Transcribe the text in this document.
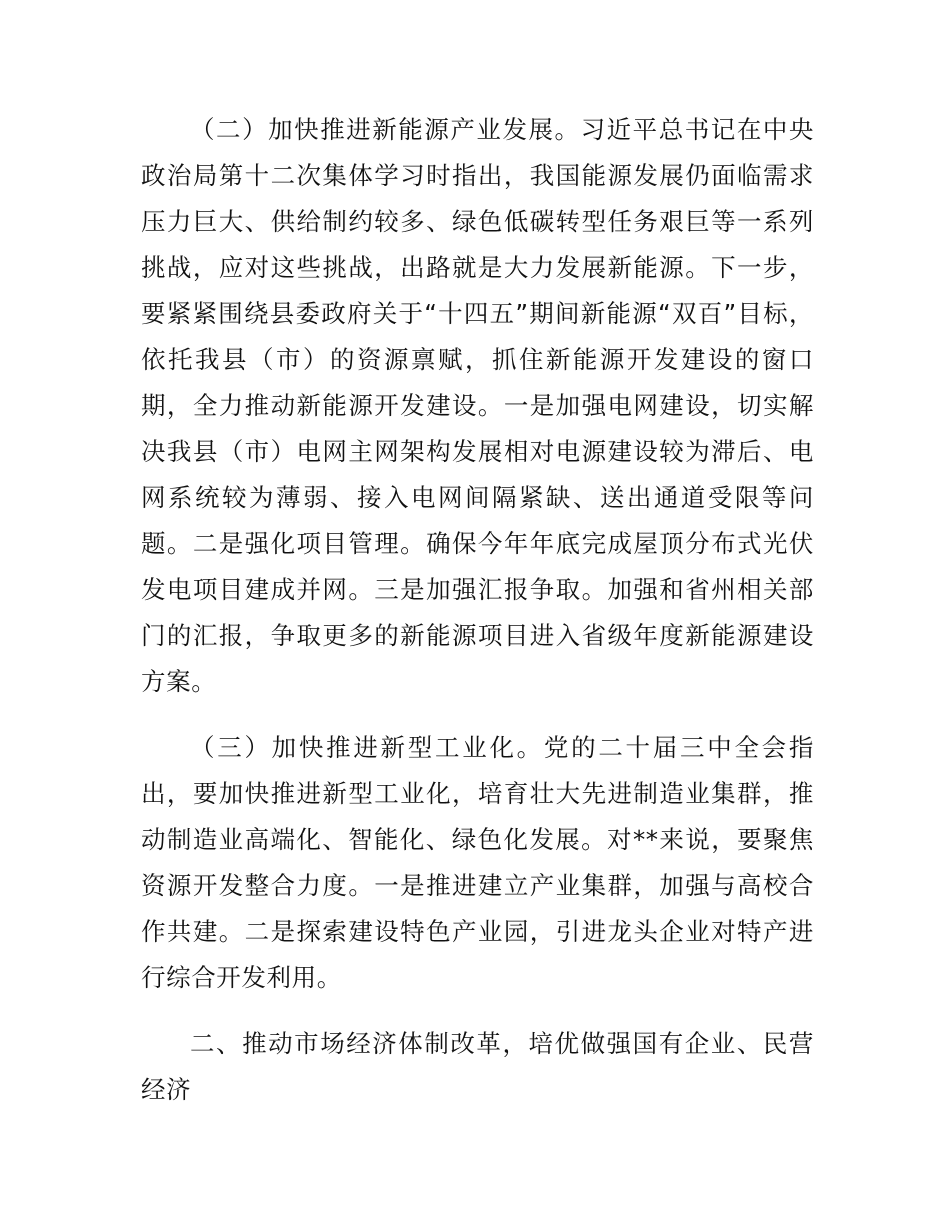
（二）加快推进新能源产业发展。习近平总书记在中央政治局第十二次集体学习时指出，我国能源发展仍面临需求压力巨大、供给制约较多、绿色低碳转型任务艰巨等一系列挑战，应对这些挑战，出路就是大力发展新能源。下一步，要紧紧围绕县委政府关于“十四五”期间新能源“双百”目标，依托我县（市）的资源禀赋，抓住新能源开发建设的窗口期，全力推动新能源开发建设。一是加强电网建设，切实解决我县（市）电网主网架构发展相对电源建设较为滞后、电网系统较为薄弱、接入电网间隔紧缺、送出通道受限等问题。二是强化项目管理。确保今年年底完成屋顶分布式光伏发电项目建成并网。三是加强汇报争取。加强和省州相关部门的汇报，争取更多的新能源项目进入省级年度新能源建设方案。

（三）加快推进新型工业化。党的二十届三中全会指出，要加快推进新型工业化，培育壮大先进制造业集群，推动制造业高端化、智能化、绿色化发展。对**来说，要聚焦资源开发整合力度。一是推进建立产业集群，加强与高校合作共建。二是探索建设特色产业园，引进龙头企业对特产进行综合开发利用。

二、推动市场经济体制改革，培优做强国有企业、民营经济
